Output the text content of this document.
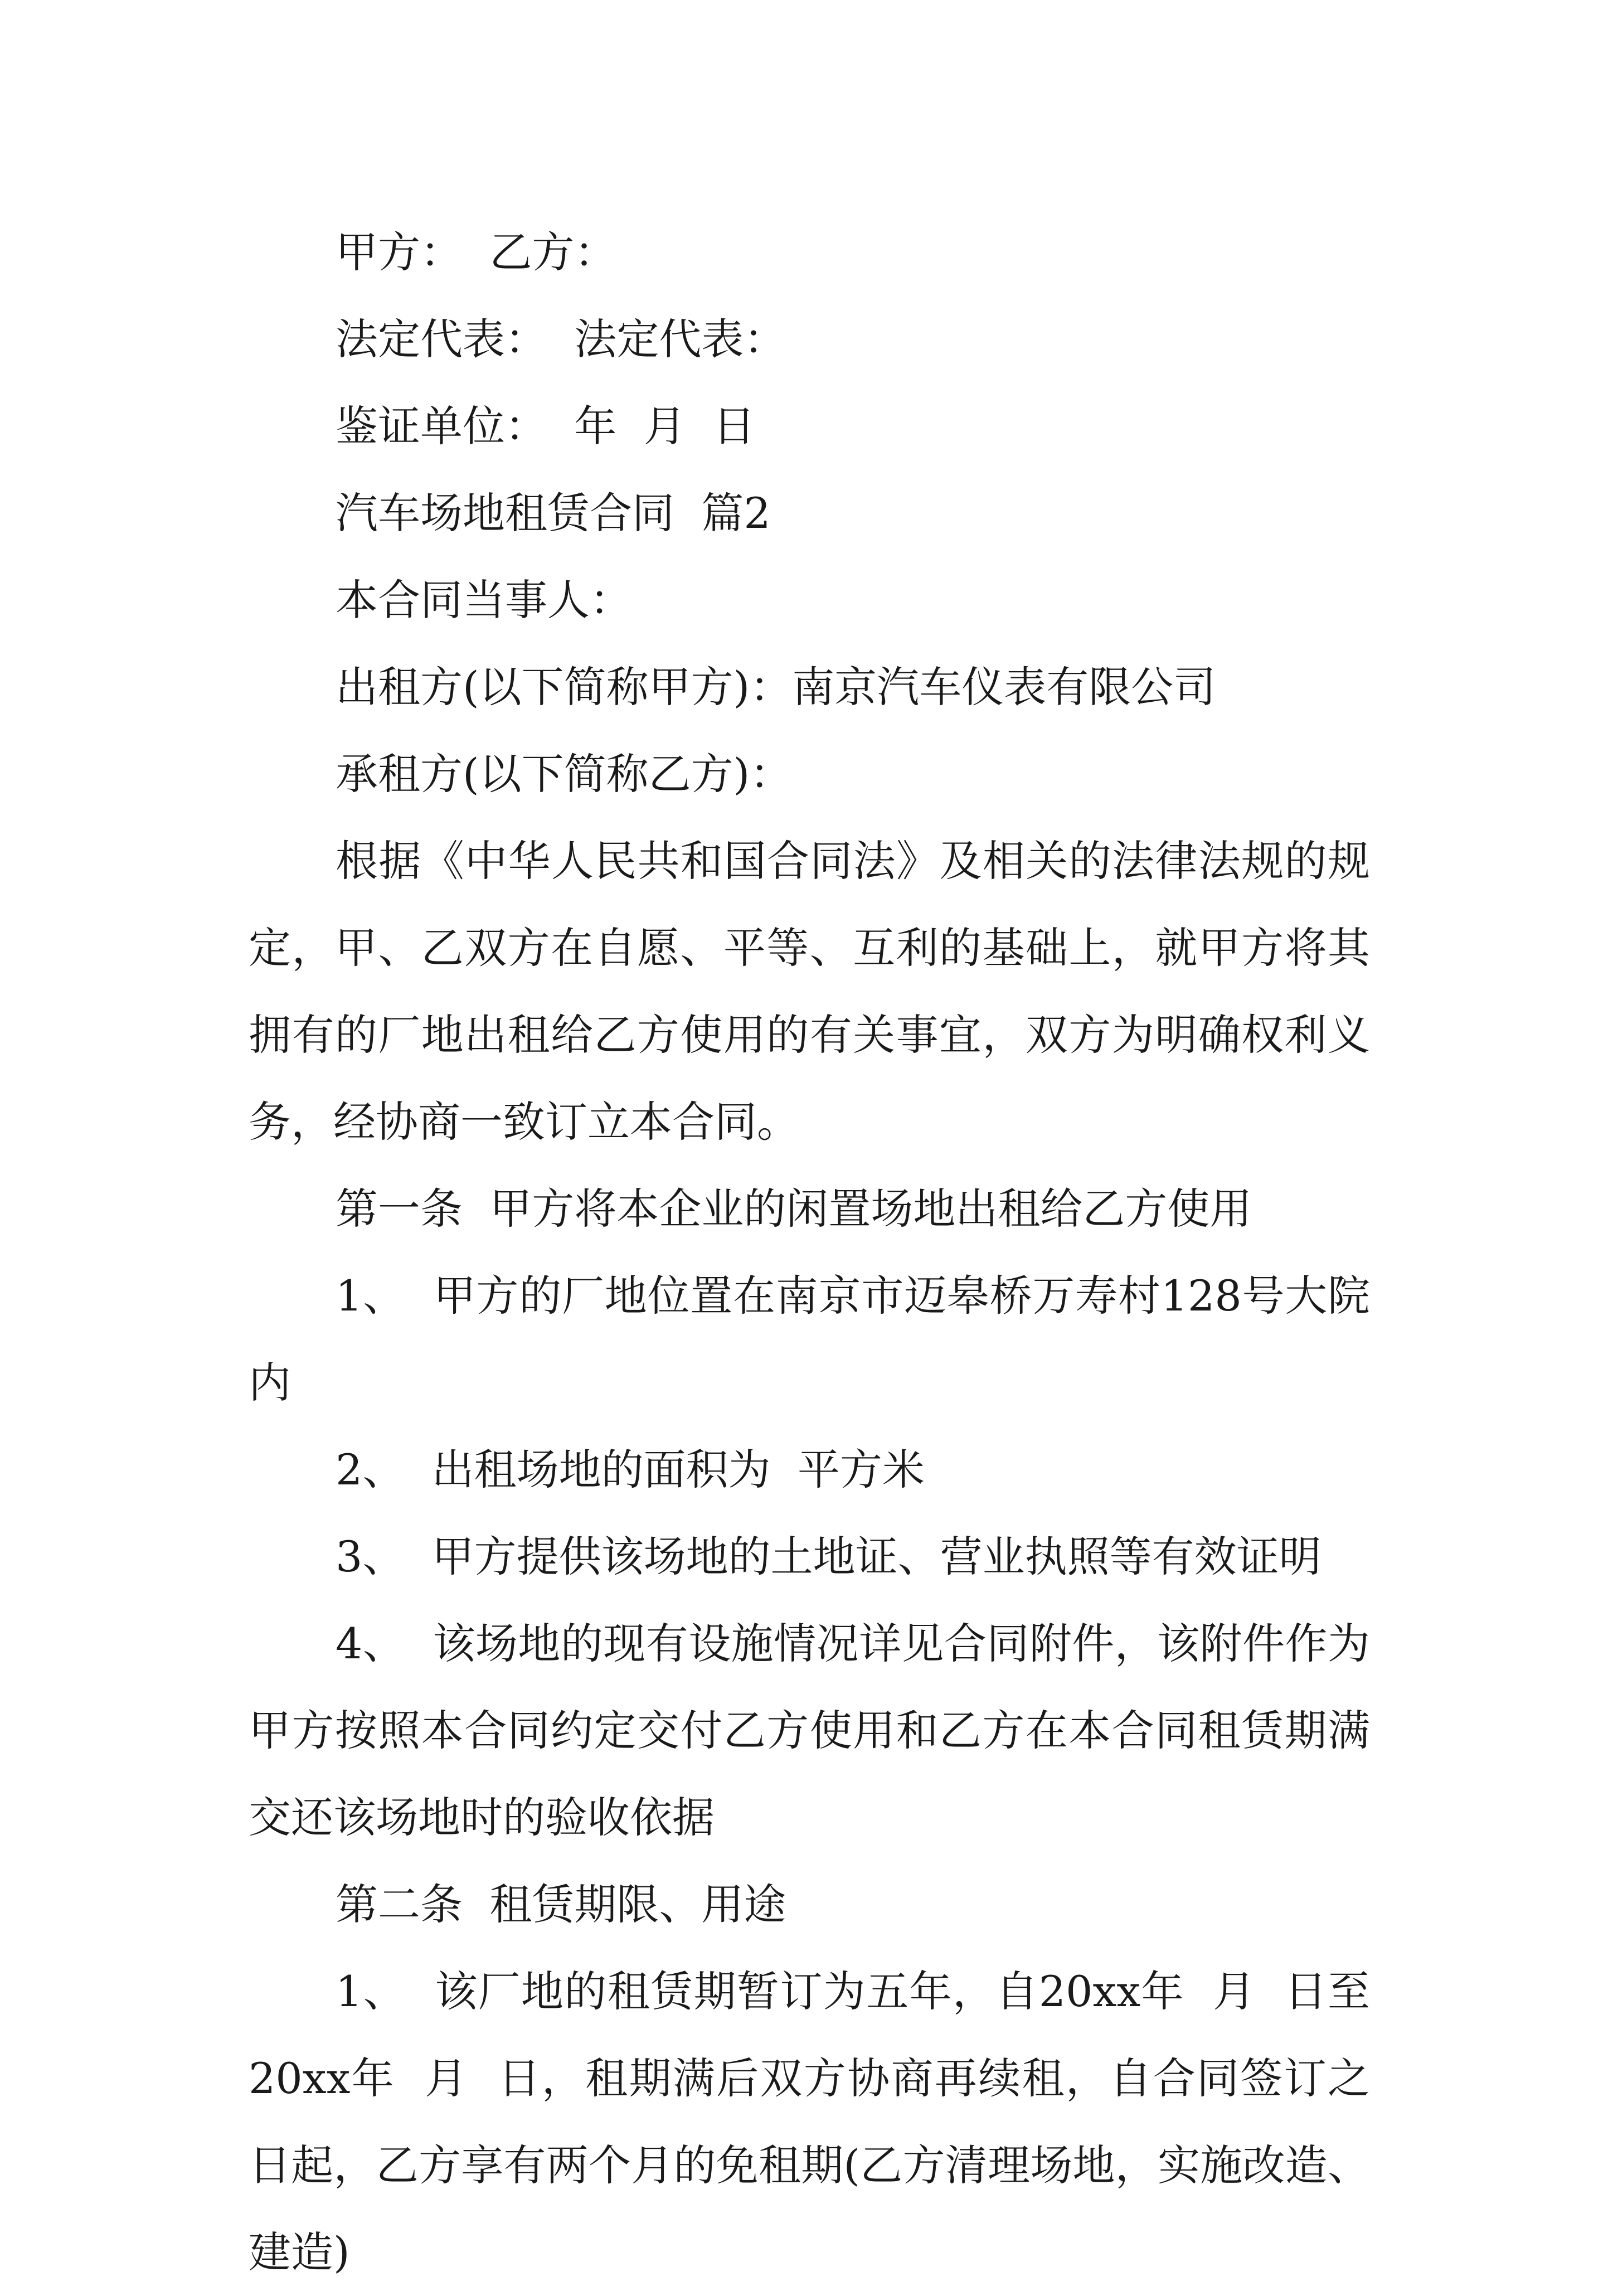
甲方：  乙方：

法定代表：  法定代表：

鉴证单位：  年  月  日

汽车场地租赁合同  篇2

本合同当事人：

出租方(以下简称甲方)：南京汽车仪表有限公司

承租方(以下简称乙方)：

根据《中华人民共和国合同法》及相关的法律法规的规定，甲、乙双方在自愿、平等、互利的基础上，就甲方将其拥有的厂地出租给乙方使用的有关事宜，双方为明确权利义务，经协商一致订立本合同。

第一条  甲方将本企业的闲置场地出租给乙方使用

1、  甲方的厂地位置在南京市迈皋桥万寿村128号大院内

2、  出租场地的面积为  平方米

3、  甲方提供该场地的土地证、营业执照等有效证明

4、  该场地的现有设施情况详见合同附件，该附件作为甲方按照本合同约定交付乙方使用和乙方在本合同租赁期满交还该场地时的验收依据

第二条  租赁期限、用途

1、  该厂地的租赁期暂订为五年，自20xx年  月  日至20xx年  月  日，租期满后双方协商再续租，自合同签订之日起，乙方享有两个月的免租期(乙方清理场地，实施改造、建造)
